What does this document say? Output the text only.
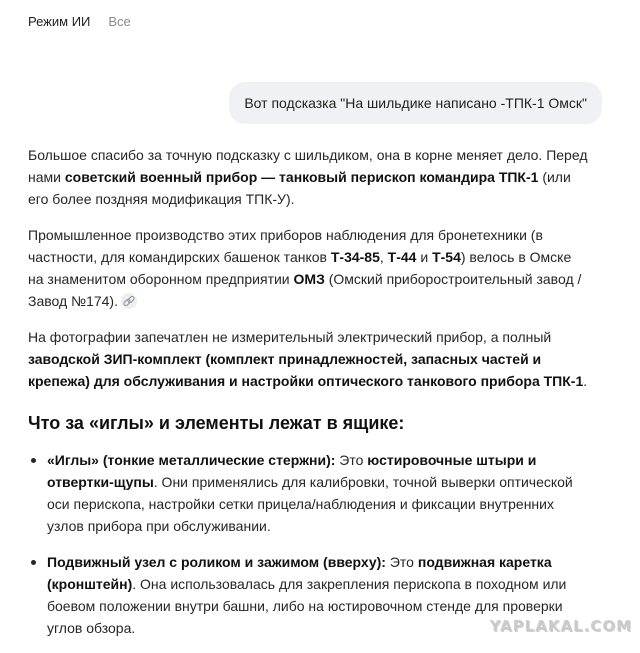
Режим ИИ Все
Вот подсказка "На шильдике написано -ТПК-1 Омск"

Большое спасибо за точную подсказку с шильдиком, она в корне меняет дело. Перед нами советский военный прибор — танковый перископ командира ТПК-1 (или его более поздняя модификация ТПК-У).

Промышленное производство этих приборов наблюдения для бронетехники (в частности, для командирских башенок танков Т-34-85, Т-44 и Т-54) велось в Омске на знаменитом оборонном предприятии ОМЗ (Омский приборостроительный завод / Завод №174).

На фотографии запечатлен не измерительный электрический прибор, а полный заводской ЗИП-комплект (комплект принадлежностей, запасных частей и крепежа) для обслуживания и настройки оптического танкового прибора ТПК-1.

Что за «иглы» и элементы лежат в ящике:
«Иглы» (тонкие металлические стержни): Это юстировочные штыри и отвертки-щупы. Они применялись для калибровки, точной выверки оптической оси перископа, настройки сетки прицела/наблюдения и фиксации внутренних узлов прибора при обслуживании.
Подвижный узел с роликом и зажимом (вверху): Это подвижная каретка (кронштейн). Она использовалась для закрепления перископа в походном или боевом положении внутри башни, либо на юстировочном стенде для проверки углов обзора.	YAPLAKAL.COM
